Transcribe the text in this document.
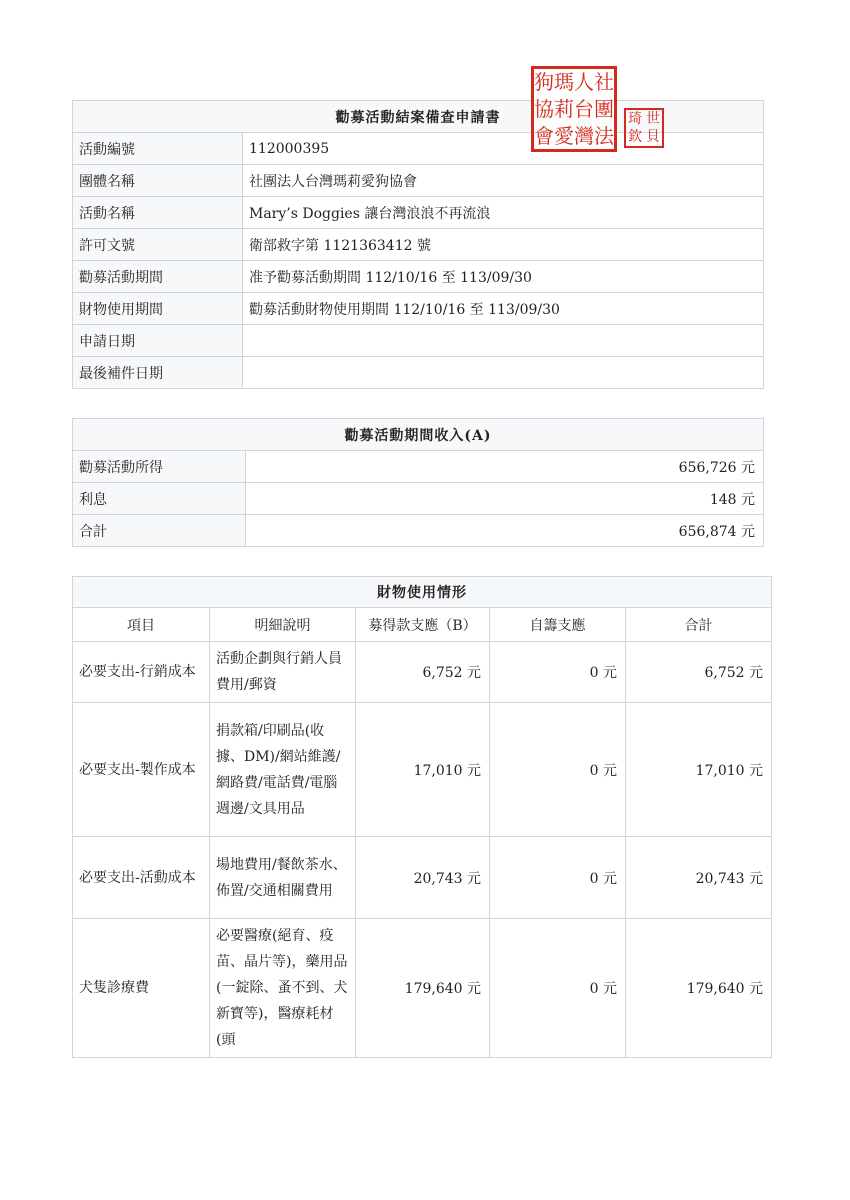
勸募活動結案備查申請書	
活動編號	112000395
團體名稱	社團法人台灣瑪莉愛狗協會
活動名稱	Mary’s Doggies 讓台灣浪浪不再流浪
許可文號	衛部救字第 1121363412 號
勸募活動期間	准予勸募活動期間 112/10/16 至 113/09/30
財物使用期間	勸募活動財物使用期間 112/10/16 至 113/09/30
申請日期	
最後補件日期	
社
團
法
人
台
灣
瑪
莉
愛
狗
協
會
世
貝
琦
欽
勸募活動期間收入(A)	
勸募活動所得	656,726 元
利息	148 元
合計	656,874 元
財物使用情形				
項目	明細說明	募得款支應（B）	自籌支應	合計
必要支出-行銷成本	活動企劃與行銷人員費用/郵資	6,752 元	0 元	6,752 元
必要支出-製作成本	捐款箱/印刷品(收據、DM)/網站維護/網路費/電話費/電腦週邊/文具用品	17,010 元	0 元	17,010 元
必要支出-活動成本	場地費用/餐飲茶水、佈置/交通相關費用	20,743 元	0 元	20,743 元
犬隻診療費	必要醫療(絕育、疫苗、晶片等)，藥用品(一錠除、蚤不到、犬新寶等)，醫療耗材(頭	179,640 元	0 元	179,640 元
